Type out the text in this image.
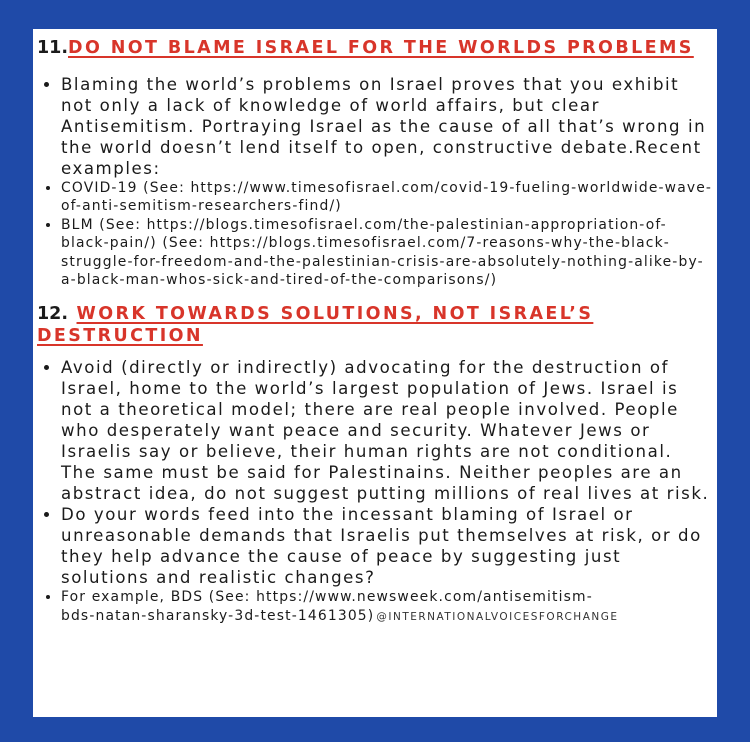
11.DO NOT BLAME ISRAEL FOR THE WORLDS PROBLEMS

• Blaming the world’s problems on Israel proves that you exhibit not only a lack of knowledge of world affairs, but clear Antisemitism. Portraying Israel as the cause of all that’s wrong in the world doesn’t lend itself to open, constructive debate.Recent examples:
• COVID-19 (See: https://www.timesofisrael.com/covid-19-fueling-worldwide-wave-of-anti-semitism-researchers-find/)
• BLM (See: https://blogs.timesofisrael.com/the-palestinian-appropriation-of-black-pain/) (See: https://blogs.timesofisrael.com/7-reasons-why-the-black-struggle-for-freedom-and-the-palestinian-crisis-are-absolutely-nothing-alike-by-a-black-man-whos-sick-and-tired-of-the-comparisons/)

12. WORK TOWARDS SOLUTIONS, NOT ISRAEL’S DESTRUCTION

• Avoid (directly or indirectly) advocating for the destruction of Israel, home to the world’s largest population of Jews. Israel is not a theoretical model; there are real people involved. People who desperately want peace and security. Whatever Jews or Israelis say or believe, their human rights are not conditional. The same must be said for Palestinains. Neither peoples are an abstract idea, do not suggest putting millions of real lives at risk.
• Do your words feed into the incessant blaming of Israel or unreasonable demands that Israelis put themselves at risk, or do they help advance the cause of peace by suggesting just solutions and realistic changes?
• For example, BDS (See: https://www.newsweek.com/antisemitism-
bds-natan-sharansky-3d-test-1461305) @INTERNATIONALVOICESFORCHANGE
